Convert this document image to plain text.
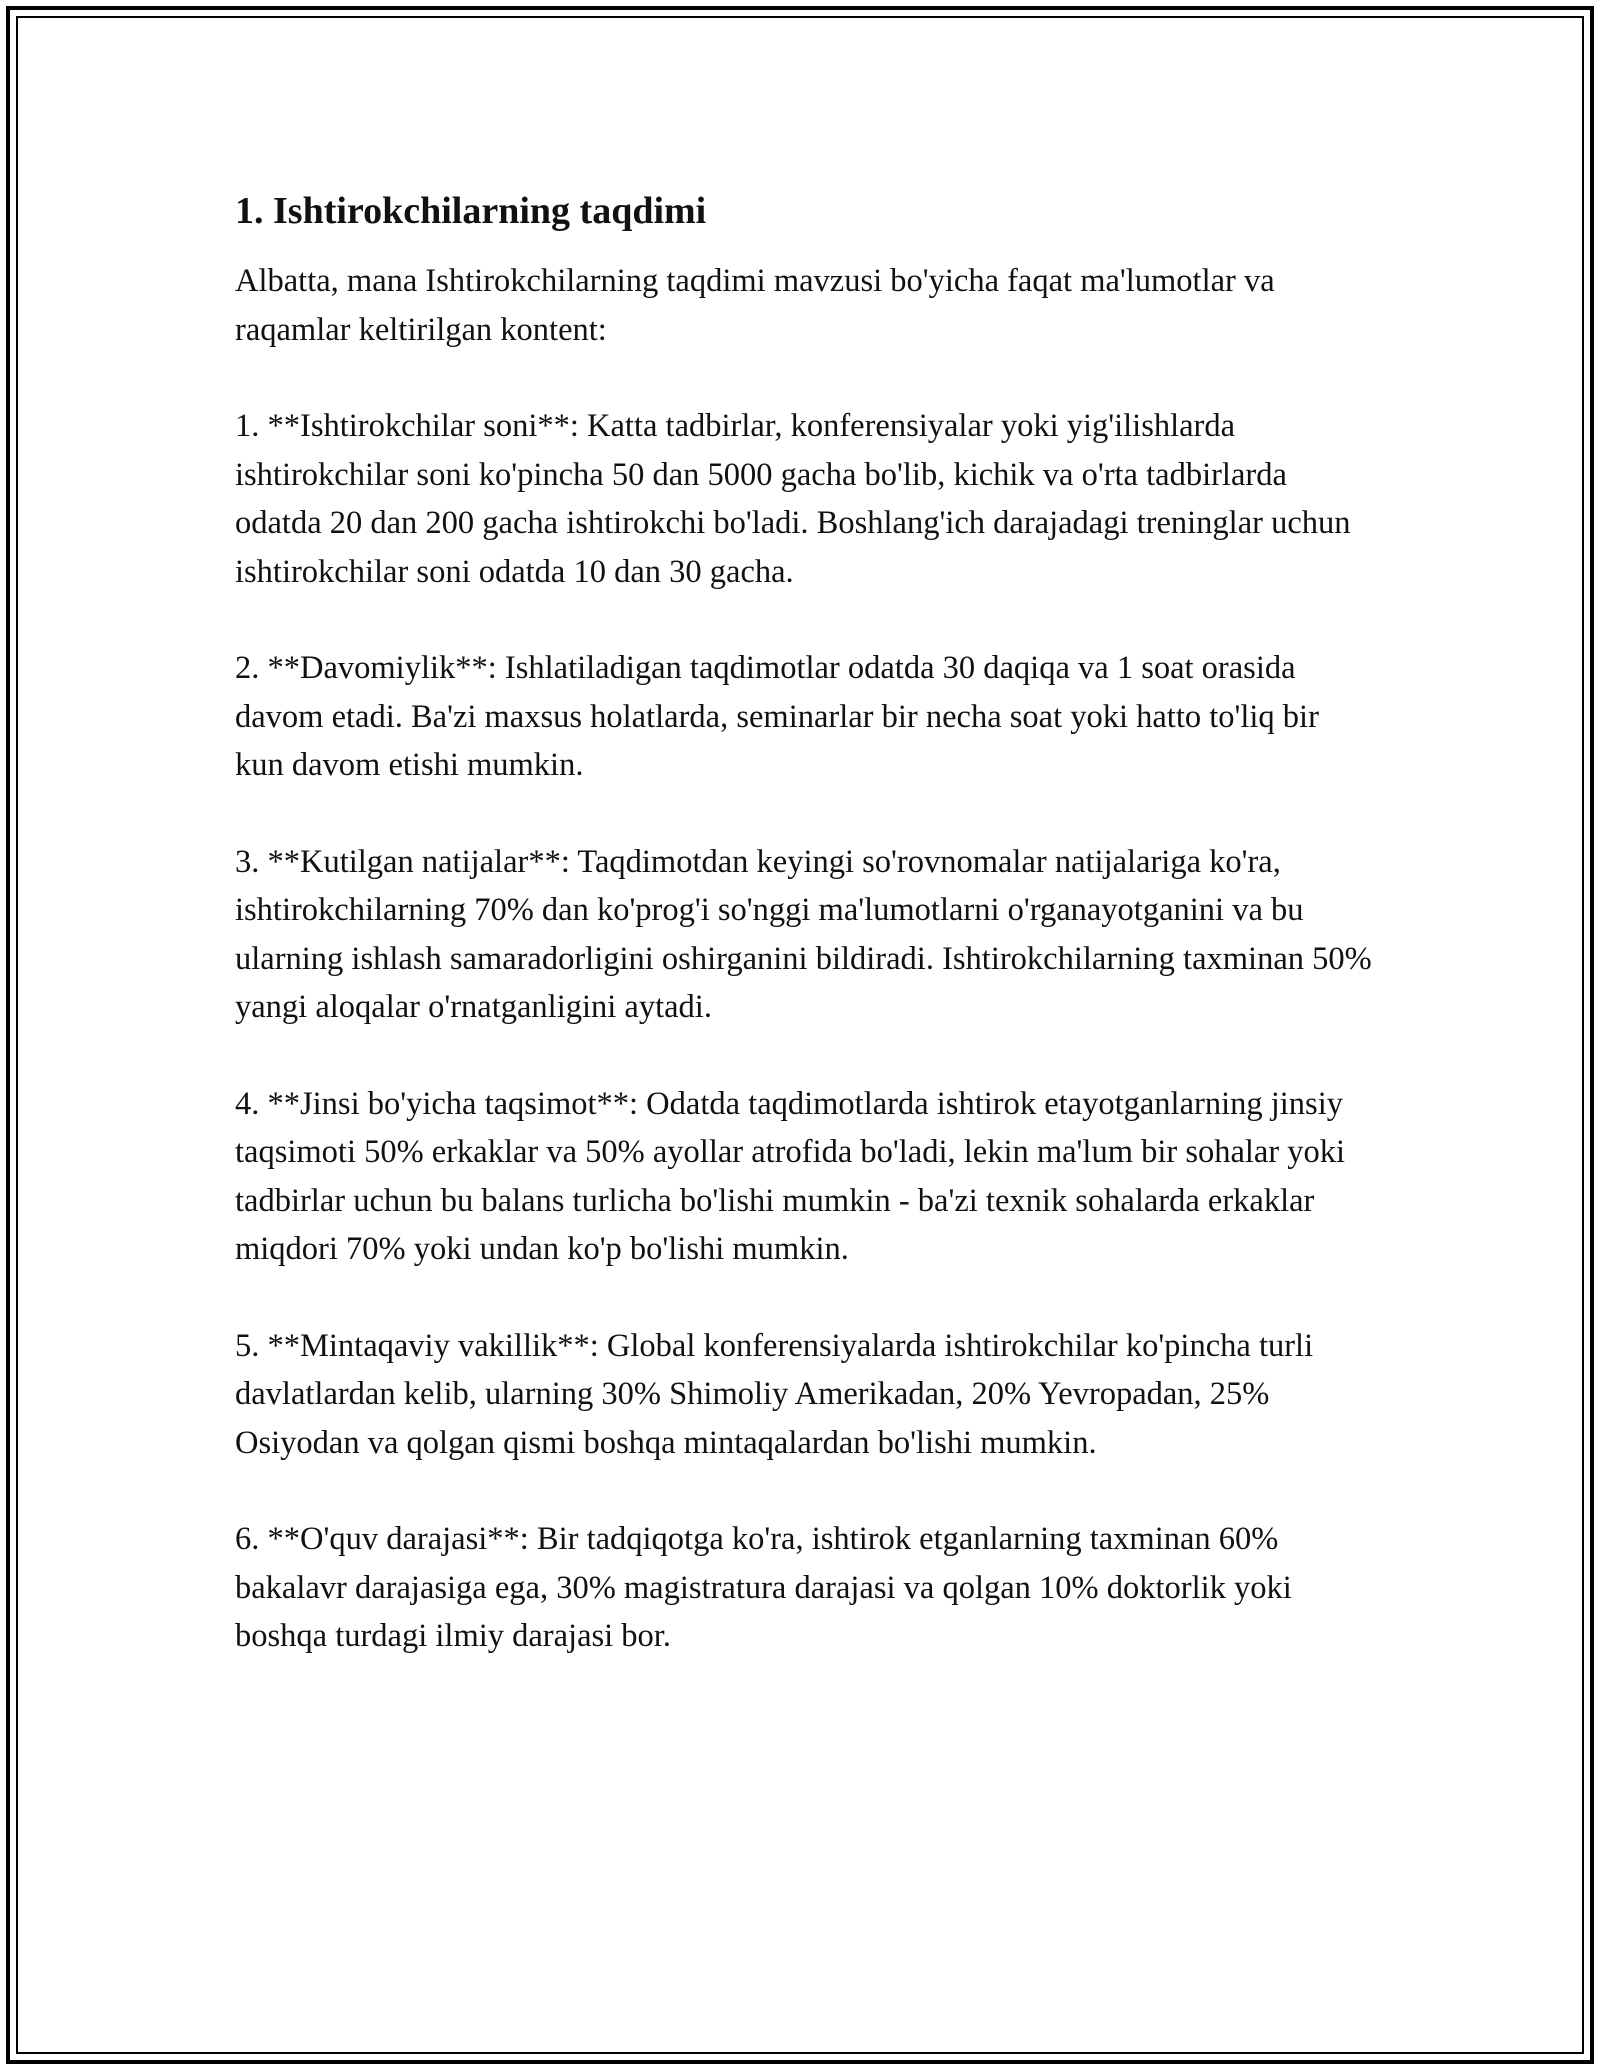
1. Ishtirokchilarning taqdimi

Albatta, mana Ishtirokchilarning taqdimi mavzusi bo'yicha faqat ma'lumotlar va raqamlar keltirilgan kontent:

1. **Ishtirokchilar soni**: Katta tadbirlar, konferensiyalar yoki yig'ilishlarda ishtirokchilar soni ko'pincha 50 dan 5000 gacha bo'lib, kichik va o'rta tadbirlarda odatda 20 dan 200 gacha ishtirokchi bo'ladi. Boshlang'ich darajadagi treninglar uchun ishtirokchilar soni odatda 10 dan 30 gacha.

2. **Davomiylik**: Ishlatiladigan taqdimotlar odatda 30 daqiqa va 1 soat orasida davom etadi. Ba'zi maxsus holatlarda, seminarlar bir necha soat yoki hatto to'liq bir kun davom etishi mumkin.

3. **Kutilgan natijalar**: Taqdimotdan keyingi so'rovnomalar natijalariga ko'ra, ishtirokchilarning 70% dan ko'prog'i so'nggi ma'lumotlarni o'rganayotganini va bu ularning ishlash samaradorligini oshirganini bildiradi. Ishtirokchilarning taxminan 50% yangi aloqalar o'rnatganligini aytadi.

4. **Jinsi bo'yicha taqsimot**: Odatda taqdimotlarda ishtirok etayotganlarning jinsiy taqsimoti 50% erkaklar va 50% ayollar atrofida bo'ladi, lekin ma'lum bir sohalar yoki tadbirlar uchun bu balans turlicha bo'lishi mumkin - ba'zi texnik sohalarda erkaklar miqdori 70% yoki undan ko'p bo'lishi mumkin.

5. **Mintaqaviy vakillik**: Global konferensiyalarda ishtirokchilar ko'pincha turli davlatlardan kelib, ularning 30% Shimoliy Amerikadan, 20% Yevropadan, 25% Osiyodan va qolgan qismi boshqa mintaqalardan bo'lishi mumkin.

6. **O'quv darajasi**: Bir tadqiqotga ko'ra, ishtirok etganlarning taxminan 60% bakalavr darajasiga ega, 30% magistratura darajasi va qolgan 10% doktorlik yoki boshqa turdagi ilmiy darajasi bor.
